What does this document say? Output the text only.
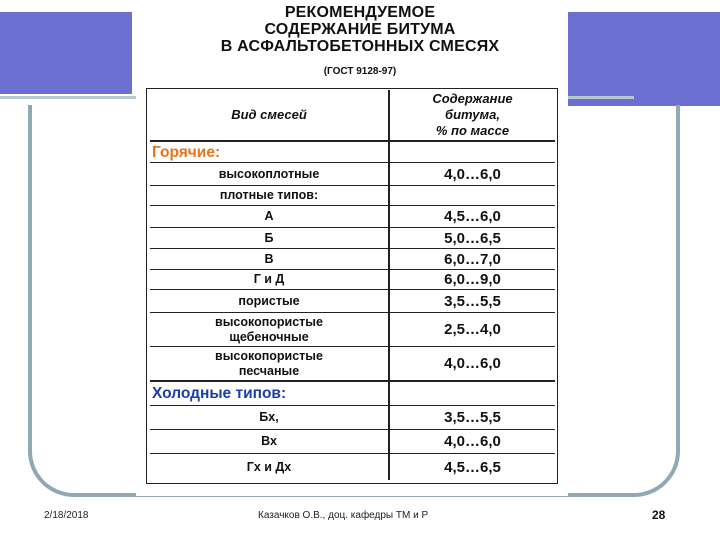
РЕКОМЕНДУЕМОЕ
СОДЕРЖАНИЕ БИТУМА
В АСФАЛЬТОБЕТОННЫХ СМЕСЯХ
(ГОСТ 9128-97)
Вид смесей
Содержание
битума,
% по массе
Горячие:
высокоплотные	4,0…6,0
плотные типов:
А	4,5…6,0
Б	5,0…6,5
В	6,0…7,0
Г и Д	6,0…9,0
пористые	3,5…5,5
высокопористые
щебеночные	2,5…4,0
высокопористые
песчаные	4,0…6,0
Холодные типов:
Бх,	3,5…5,5
Вх	4,0…6,0
Гх и Дх	4,5…6,5
2/18/2018	Казачков О.В., доц. кафедры ТМ и Р	28
